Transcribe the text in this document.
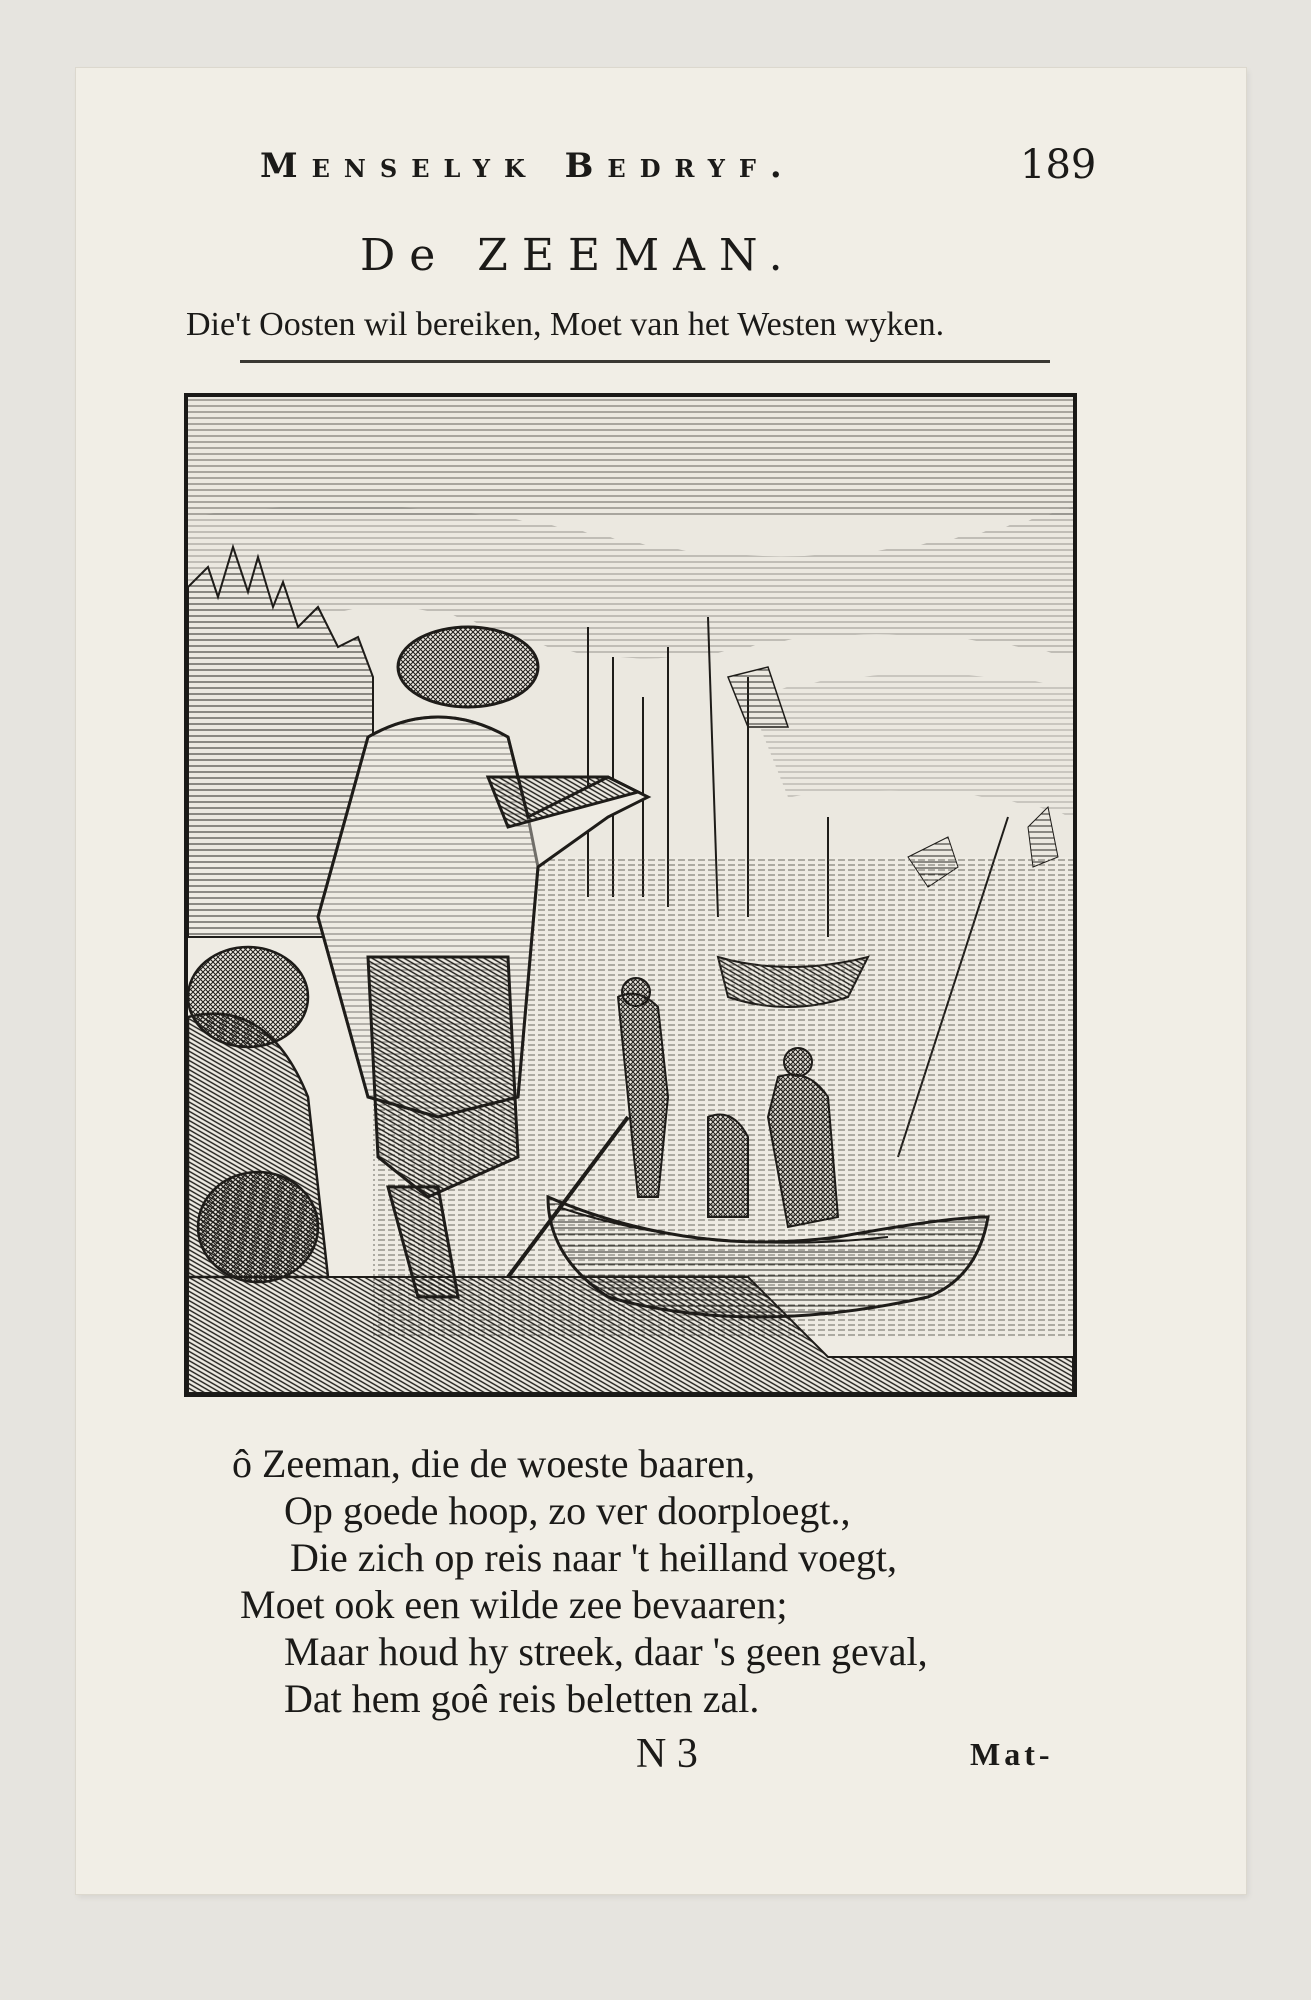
Menselyk Bedryf.	189
De ZEEMAN.
Die't Oosten wil bereiken, Moet van het Westen wyken.
ô Zeeman, die de woeste baaren,
Op goede hoop, zo ver doorploegt.,
Die zich op reis naar 't heilland voegt,
Moet ook een wilde zee bevaaren;
Maar houd hy streek, daar 's geen geval,
Dat hem goê reis beletten zal.
N 3	Mat-
